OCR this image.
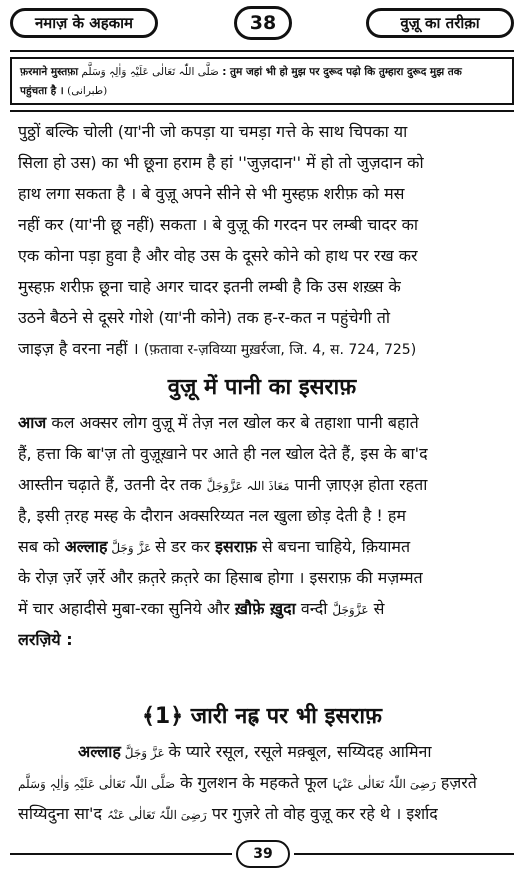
नमाज़ के अहकाम	38	वुज़ू का तरीक़ा
फ़रमाने मुस्तफ़ा صَلَّی اللّٰہ تَعَالٰی عَلَیْہِ وَاٰلِہٖ وَسَلَّم : तुम जहां भी हो मुझ पर दुरूद पढ़ो कि तुम्हारा दुरूद मुझ तक
पहुंचता है । (طبرانی)
पुठ्ठों बल्कि चोली (या'नी जो कपड़ा या चमड़ा गत्ते के साथ चिपका या
सिला हो उस) का भी छूना हराम है हां ''जुज़दान'' में हो तो जुज़दान को
हाथ लगा सकता है । बे वुज़ू अपने सीने से भी मुस्हफ़ शरीफ़ को मस
नहीं कर (या'नी छू नहीं) सकता । बे वुज़ू की गरदन पर लम्बी चादर का
एक कोना पड़ा हुवा है और वोह उस के दूसरे कोने को हाथ पर रख कर
मुस्हफ़ शरीफ़ छूना चाहे अगर चादर इतनी लम्बी है कि उस शख़्स के
उठने बैठने से दूसरे गोशे (या'नी कोने) तक ह-र-कत न पहुंचेगी तो
जाइज़ है वरना नहीं । (फ़तावा र-ज़विय्या मुख़र्रजा, जि. 4, स. 724, 725)
वुज़ू में पानी का इसराफ़
आज कल अक्सर लोग वुज़ू में तेज़ नल खोल कर बे तहाशा पानी बहाते
हैं, हत्ता कि बा'ज़ तो वुज़ूख़ाने पर आते ही नल खोल देते हैं, इस के बा'द
आस्तीन चढ़ाते हैं, उतनी देर तक مَعَاذَ اللہ عَزَّوَجَلَّ पानी ज़ाएअ़ होता रहता
है, इसी त़रह मस्ह के दौरान अक्सरिय्यत नल खुला छोड़ देती है ! हम
सब को अल्लाह عَزَّ وَجَلَّ से डर कर इसराफ़ से बचना चाहिये, क़ियामत
के रोज़ ज़र्रे ज़र्रे और क़त़रे क़त़रे का हिसाब होगा । इसराफ़ की मज़म्मत
में चार अहादीसे मुबा-रका सुनिये और ख़ौफ़े ख़ुदा वन्दी عَزَّوَجَلَّ से
लरज़िये :
﴾1﴿ जारी नह्र पर भी इसराफ़
अल्लाह عَزَّ وَجَلَّ के प्यारे रसूल, रसूले मक़्बूल, सय्यिदह आमिना
صَلَّی اللّٰہ تَعَالٰی عَلَیْہِ وَاٰلِہٖ وَسَلَّم के गुलशन के महकते फूल رَضِیَ اللّٰہُ تَعَالٰی عَنْہَا हज़रते
सय्यिदुना सा'द رَضِیَ اللّٰہُ تَعَالٰی عَنْہُ पर गुज़रे तो वोह वुज़ू कर रहे थे । इर्शाद
39
